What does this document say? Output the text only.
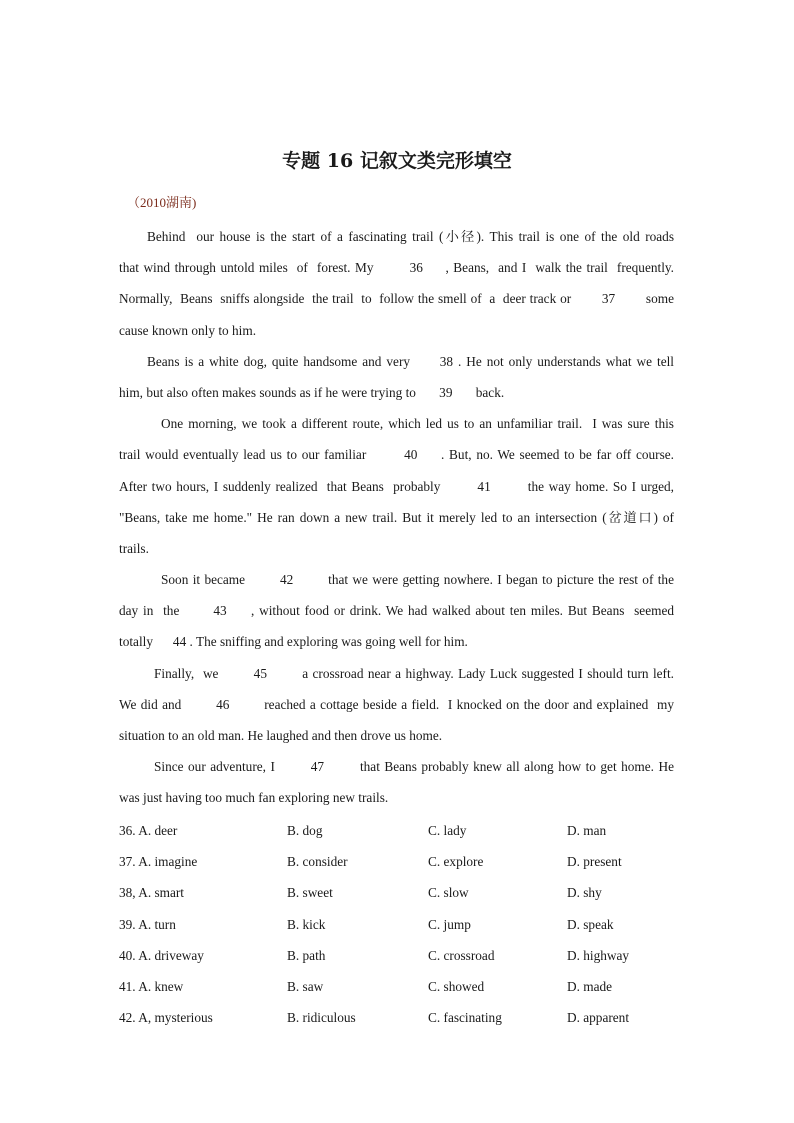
专题 16 记叙文类完形填空
（2010湖南)
Behind  our house is the start of a fascinating trail (小径). This trail is one of the old roads
that wind through untold miles  of  forest. My        36     , Beans,  and I  walk the trail  frequently.
Normally,  Beans  sniffs alongside  the trail  to  follow the smell of  a  deer track or        37        some
cause known only to him.
Beans is a white dog, quite handsome and very      38 . He not only understands what we tell
him, but also often makes sounds as if he were trying to       39       back.
One morning, we took a different route, which led us to an unfamiliar trail.  I was sure this
trail would eventually lead us to our familiar        40     . But, no. We seemed to be far off course.
After two hours, I suddenly realized  that Beans  probably        41        the way home. So I urged,
"Beans, take me home." He ran down a new trail. But it merely led to an intersection (岔道口) of
trails.
Soon it became        42        that we were getting nowhere. I began to picture the rest of the
day in  the       43     , without food or drink. We had walked about ten miles. But Beans  seemed
totally      44 . The sniffing and exploring was going well for him.
Finally,  we        45        a crossroad near a highway. Lady Luck suggested I should turn left.
We did and        46        reached a cottage beside a field.  I knocked on the door and explained  my
situation to an old man. He laughed and then drove us home.
Since our adventure, I        47        that Beans probably knew all along how to get home. He
was just having too much fan exploring new trails.
36. A. deer	B. dog	C. lady	D. man
37. A. imagine	B. consider	C. explore	D. present
38, A. smart	B. sweet	C. slow	D. shy
39. A. turn	B. kick	C. jump	D. speak
40. A. driveway	B. path	C. crossroad	D. highway
41. A. knew	B. saw	C. showed	D. made
42. A, mysterious	B. ridiculous	C. fascinating	D. apparent
